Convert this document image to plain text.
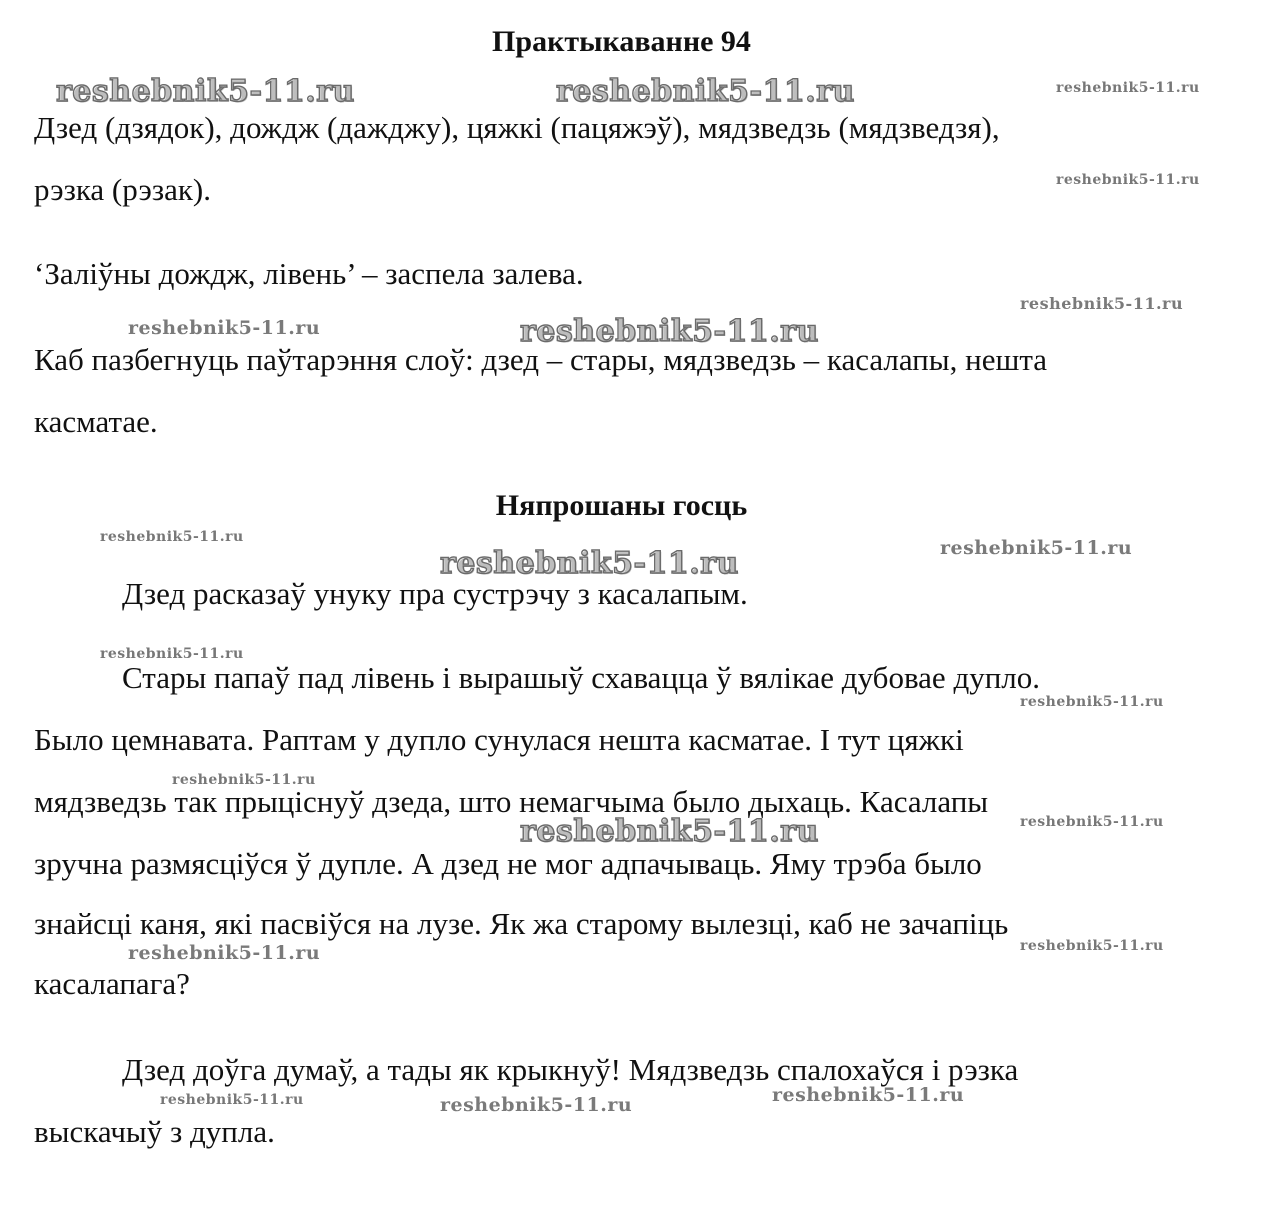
Практыкаванне 94
Дзед (дзядок), дождж (дажджу), цяжкі (пацяжэў), мядзведзь (мядзведзя),
рэзка (рэзак).
‘Заліўны дождж, лівень’ – заспела залева.
Каб пазбегнуць паўтарэння слоў: дзед – стары, мядзведзь – касалапы, нешта
касматае.
Няпрошаны госць
Дзед расказаў унуку пра сустрэчу з касалапым.
Стары папаў пад лівень і вырашыў схавацца ў вялікае дубовае дупло.
Было цемнавата. Раптам у дупло сунулася нешта касматае. І тут цяжкі
мядзведзь так прыціснуў дзеда, што немагчыма было дыхаць. Касалапы
зручна размясціўся ў дупле. А дзед не мог адпачываць. Яму трэба было
знайсці каня, які пасвіўся на лузе. Як жа старому вылезці, каб не зачапіць
касалапага?
Дзед доўга думаў, а тады як крыкнуў! Мядзведзь спалохаўся і рэзка
выскачыў з дупла.
reshebnik5-11.ru	reshebnik5-11.ru	reshebnik5-11.ru
reshebnik5-11.ru
reshebnik5-11.ru
reshebnik5-11.ru	reshebnik5-11.ru
reshebnik5-11.ru	reshebnik5-11.ru
reshebnik5-11.ru
reshebnik5-11.ru
reshebnik5-11.ru
reshebnik5-11.ru
reshebnik5-11.ru	reshebnik5-11.ru
reshebnik5-11.ru	reshebnik5-11.ru
reshebnik5-11.ru
reshebnik5-11.ru	reshebnik5-11.ru
